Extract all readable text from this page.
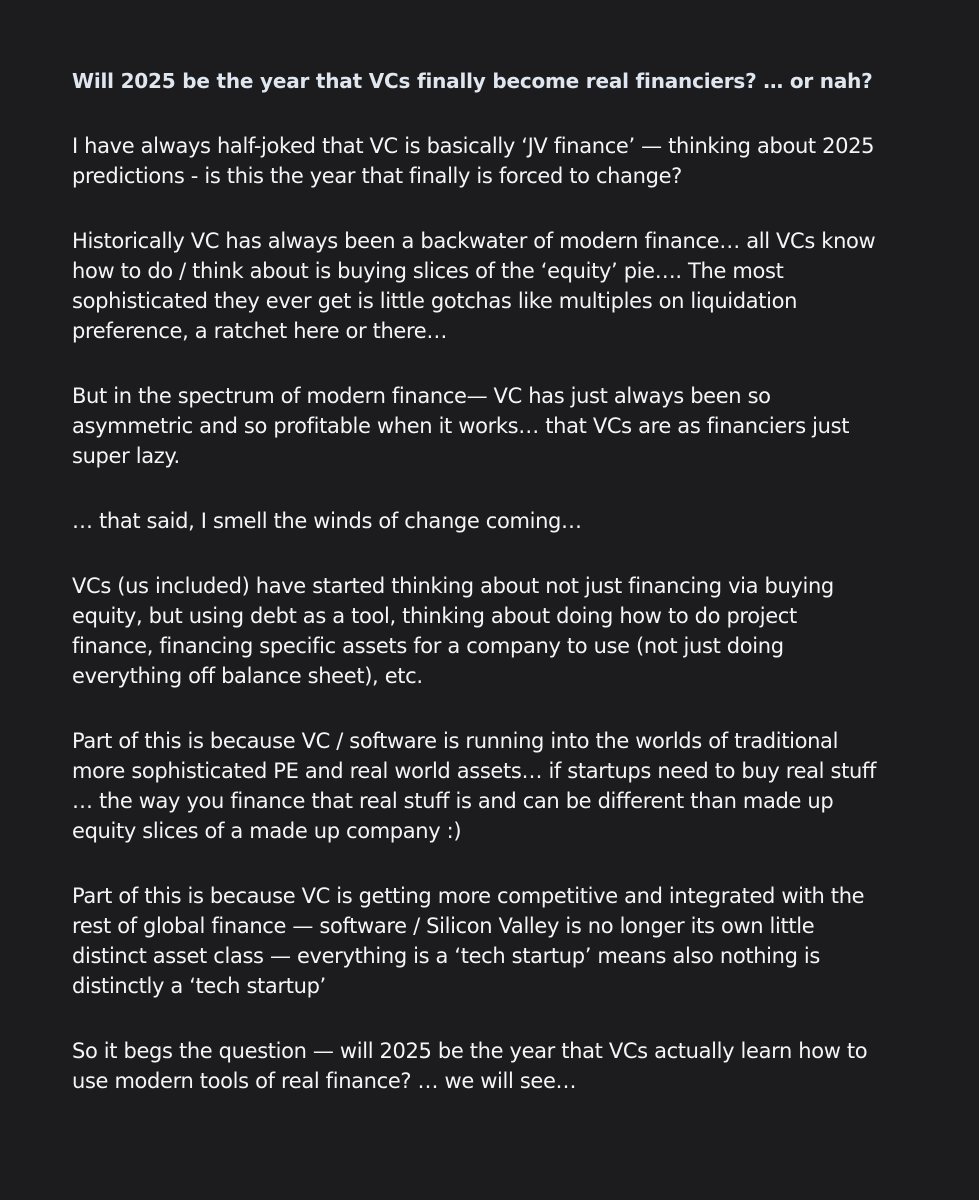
Will 2025 be the year that VCs finally become real financiers? … or nah?
I have always half-joked that VC is basically ‘JV finance’ — thinking about 2025
predictions - is this the year that finally is forced to change?
Historically VC has always been a backwater of modern finance… all VCs know
how to do / think about is buying slices of the ‘equity’ pie…. The most
sophisticated they ever get is little gotchas like multiples on liquidation
preference, a ratchet here or there…
But in the spectrum of modern finance— VC has just always been so
asymmetric and so profitable when it works… that VCs are as financiers just
super lazy.
… that said, I smell the winds of change coming…
VCs (us included) have started thinking about not just financing via buying
equity, but using debt as a tool, thinking about doing how to do project
finance, financing specific assets for a company to use (not just doing
everything off balance sheet), etc.
Part of this is because VC / software is running into the worlds of traditional
more sophisticated PE and real world assets… if startups need to buy real stuff
… the way you finance that real stuff is and can be different than made up
equity slices of a made up company :)
Part of this is because VC is getting more competitive and integrated with the
rest of global finance — software / Silicon Valley is no longer its own little
distinct asset class — everything is a ‘tech startup’ means also nothing is
distinctly a ‘tech startup’
So it begs the question — will 2025 be the year that VCs actually learn how to
use modern tools of real finance? … we will see…
